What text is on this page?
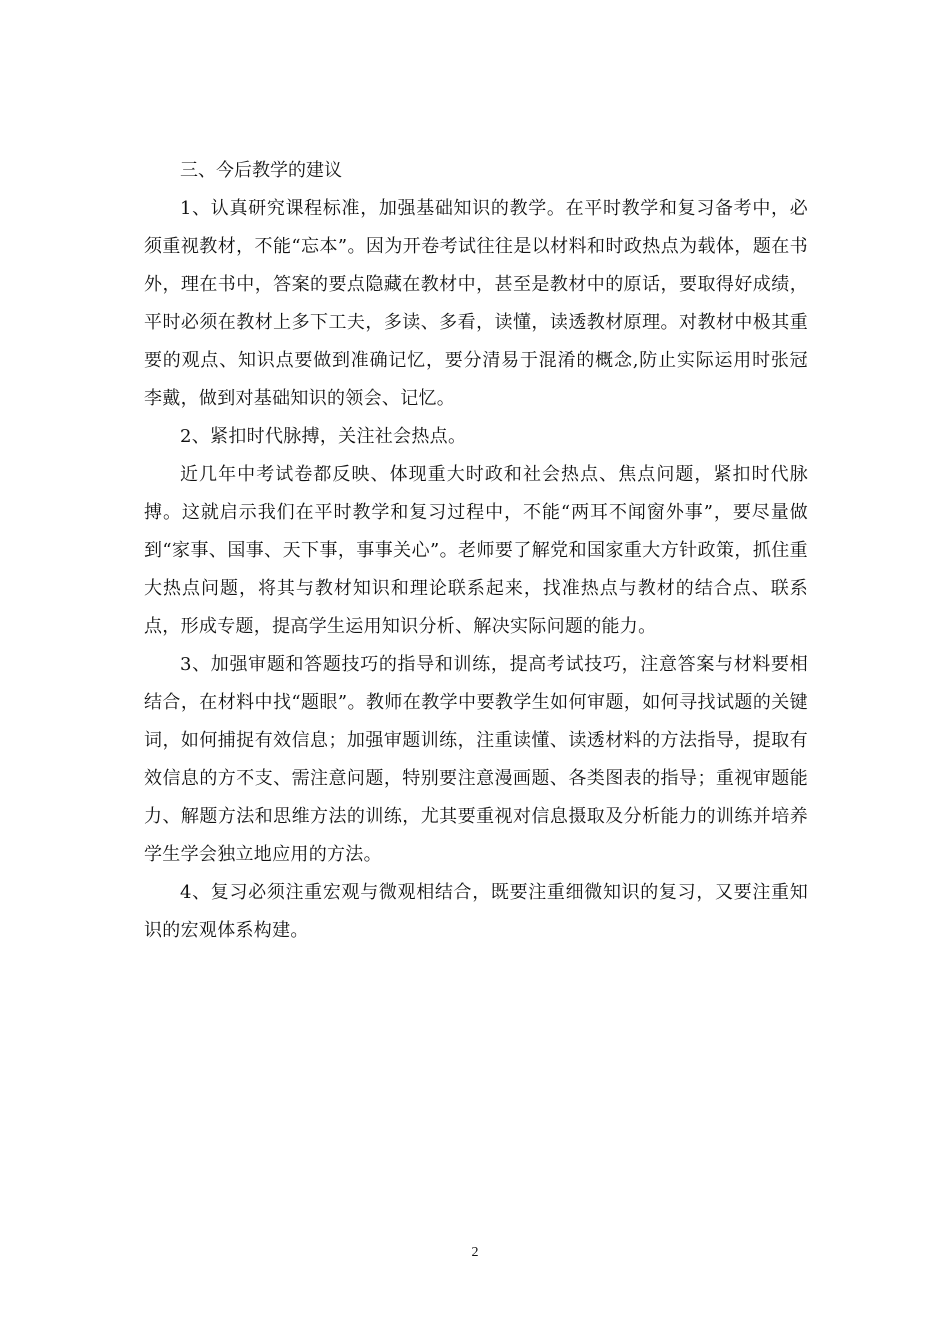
三、今后教学的建议

1、认真研究课程标准，加强基础知识的教学。在平时教学和复习备考中，必须重视教材，不能“忘本”。因为开卷考试往往是以材料和时政热点为载体，题在书外，理在书中，答案的要点隐藏在教材中，甚至是教材中的原话，要取得好成绩，平时必须在教材上多下工夫，多读、多看，读懂，读透教材原理。对教材中极其重要的观点、知识点要做到准确记忆，要分清易于混淆的概念,防止实际运用时张冠李戴，做到对基础知识的领会、记忆。

2、紧扣时代脉搏，关注社会热点。

近几年中考试卷都反映、体现重大时政和社会热点、焦点问题，紧扣时代脉搏。这就启示我们在平时教学和复习过程中，不能“两耳不闻窗外事”，要尽量做到“家事、国事、天下事，事事关心”。老师要了解党和国家重大方针政策，抓住重大热点问题，将其与教材知识和理论联系起来，找准热点与教材的结合点、联系点，形成专题，提高学生运用知识分析、解决实际问题的能力。

3、加强审题和答题技巧的指导和训练，提高考试技巧，注意答案与材料要相结合，在材料中找“题眼”。教师在教学中要教学生如何审题，如何寻找试题的关键词，如何捕捉有效信息；加强审题训练，注重读懂、读透材料的方法指导，提取有效信息的方不支、需注意问题，特别要注意漫画题、各类图表的指导；重视审题能力、解题方法和思维方法的训练，尤其要重视对信息摄取及分析能力的训练并培养学生学会独立地应用的方法。

4、复习必须注重宏观与微观相结合，既要注重细微知识的复习，又要注重知识的宏观体系构建。

2
